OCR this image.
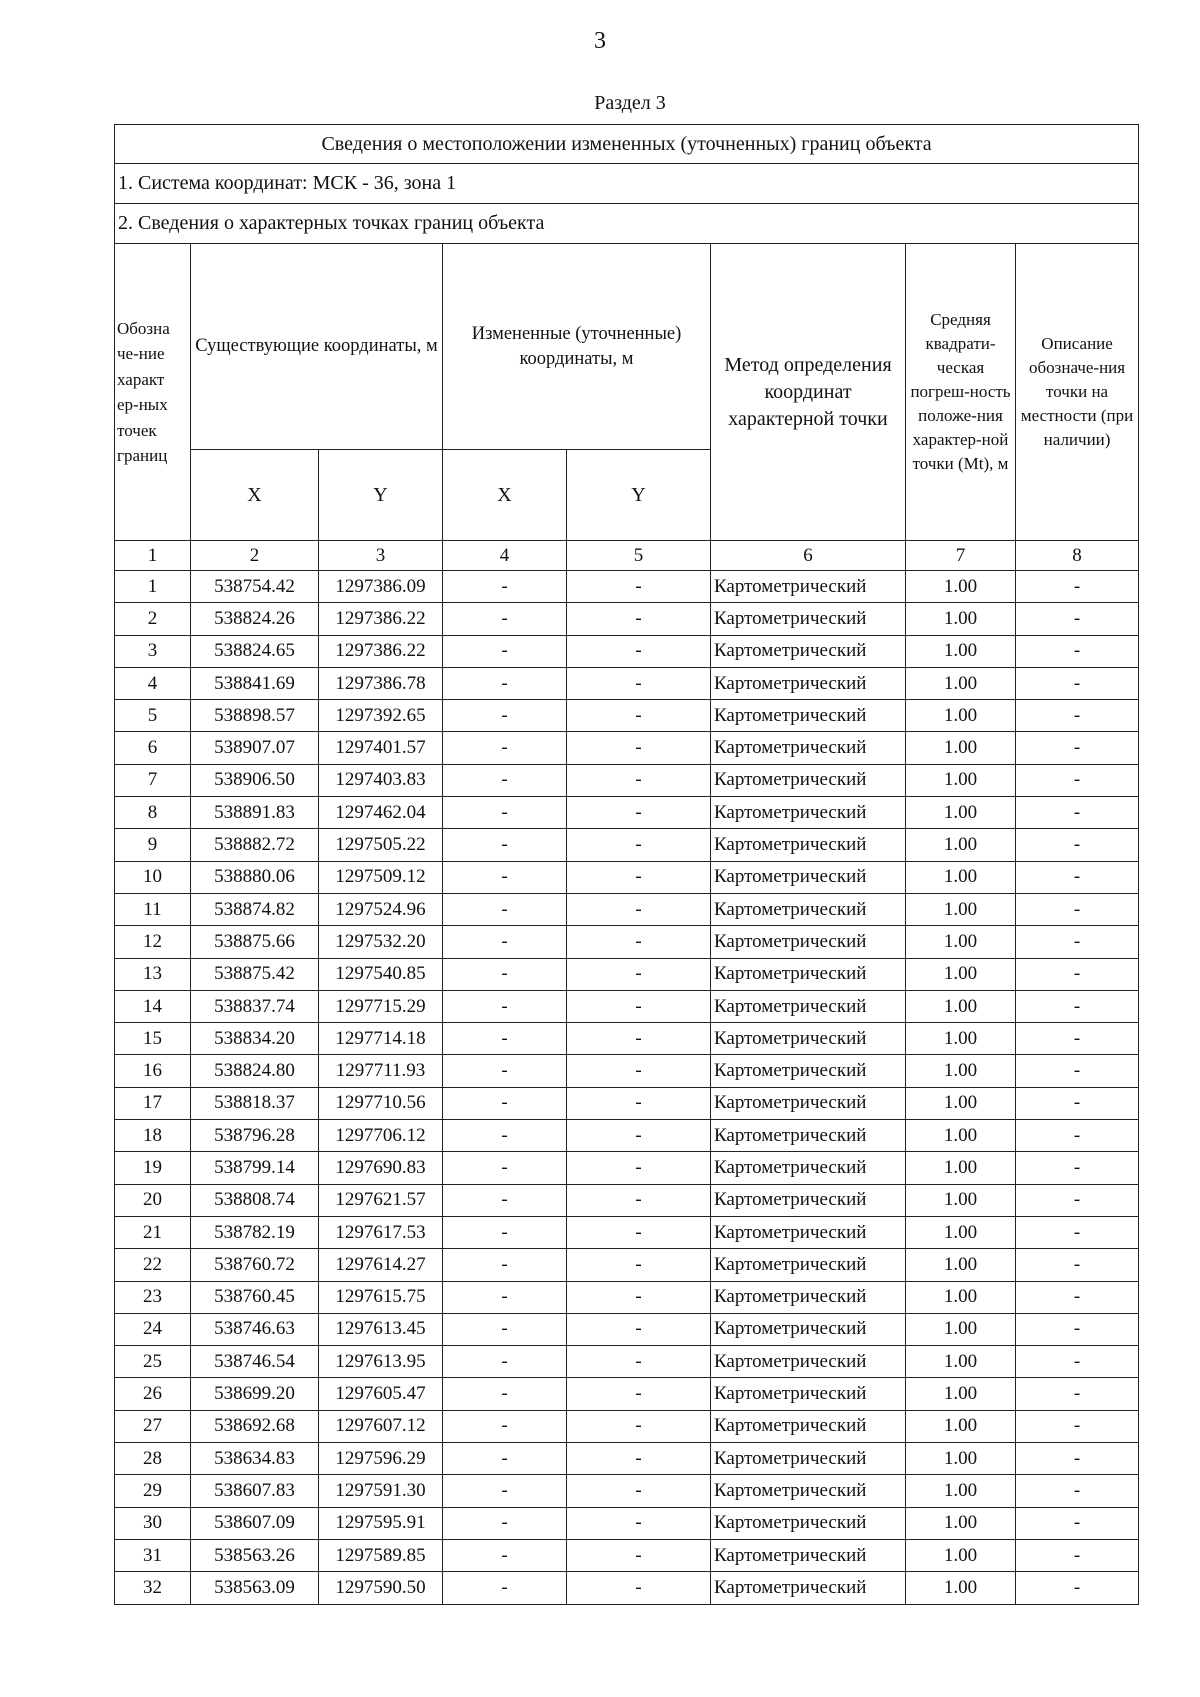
3
Раздел 3
Сведения о местоположении измененных (уточненных) границ объекта							
1. Система координат: МСК - 36, зона 1							
2. Сведения о характерных точках границ объекта							
Обозна че-ние характ ер-ных точек границ	Существующие координаты, м		Измененные (уточненные) координаты, м		Метод определения координат характерной точки	Средняя квадрати-ческая погреш-ность положе-ния характер-ной точки (Mt), м	Описание обозначе-ния точки на местности (при наличии)
	X	Y	X	Y			
1	2	3	4	5	6	7	8
1	538754.42	1297386.09	-	-	Картометрический	1.00	-
2	538824.26	1297386.22	-	-	Картометрический	1.00	-
3	538824.65	1297386.22	-	-	Картометрический	1.00	-
4	538841.69	1297386.78	-	-	Картометрический	1.00	-
5	538898.57	1297392.65	-	-	Картометрический	1.00	-
6	538907.07	1297401.57	-	-	Картометрический	1.00	-
7	538906.50	1297403.83	-	-	Картометрический	1.00	-
8	538891.83	1297462.04	-	-	Картометрический	1.00	-
9	538882.72	1297505.22	-	-	Картометрический	1.00	-
10	538880.06	1297509.12	-	-	Картометрический	1.00	-
11	538874.82	1297524.96	-	-	Картометрический	1.00	-
12	538875.66	1297532.20	-	-	Картометрический	1.00	-
13	538875.42	1297540.85	-	-	Картометрический	1.00	-
14	538837.74	1297715.29	-	-	Картометрический	1.00	-
15	538834.20	1297714.18	-	-	Картометрический	1.00	-
16	538824.80	1297711.93	-	-	Картометрический	1.00	-
17	538818.37	1297710.56	-	-	Картометрический	1.00	-
18	538796.28	1297706.12	-	-	Картометрический	1.00	-
19	538799.14	1297690.83	-	-	Картометрический	1.00	-
20	538808.74	1297621.57	-	-	Картометрический	1.00	-
21	538782.19	1297617.53	-	-	Картометрический	1.00	-
22	538760.72	1297614.27	-	-	Картометрический	1.00	-
23	538760.45	1297615.75	-	-	Картометрический	1.00	-
24	538746.63	1297613.45	-	-	Картометрический	1.00	-
25	538746.54	1297613.95	-	-	Картометрический	1.00	-
26	538699.20	1297605.47	-	-	Картометрический	1.00	-
27	538692.68	1297607.12	-	-	Картометрический	1.00	-
28	538634.83	1297596.29	-	-	Картометрический	1.00	-
29	538607.83	1297591.30	-	-	Картометрический	1.00	-
30	538607.09	1297595.91	-	-	Картометрический	1.00	-
31	538563.26	1297589.85	-	-	Картометрический	1.00	-
32	538563.09	1297590.50	-	-	Картометрический	1.00	-
